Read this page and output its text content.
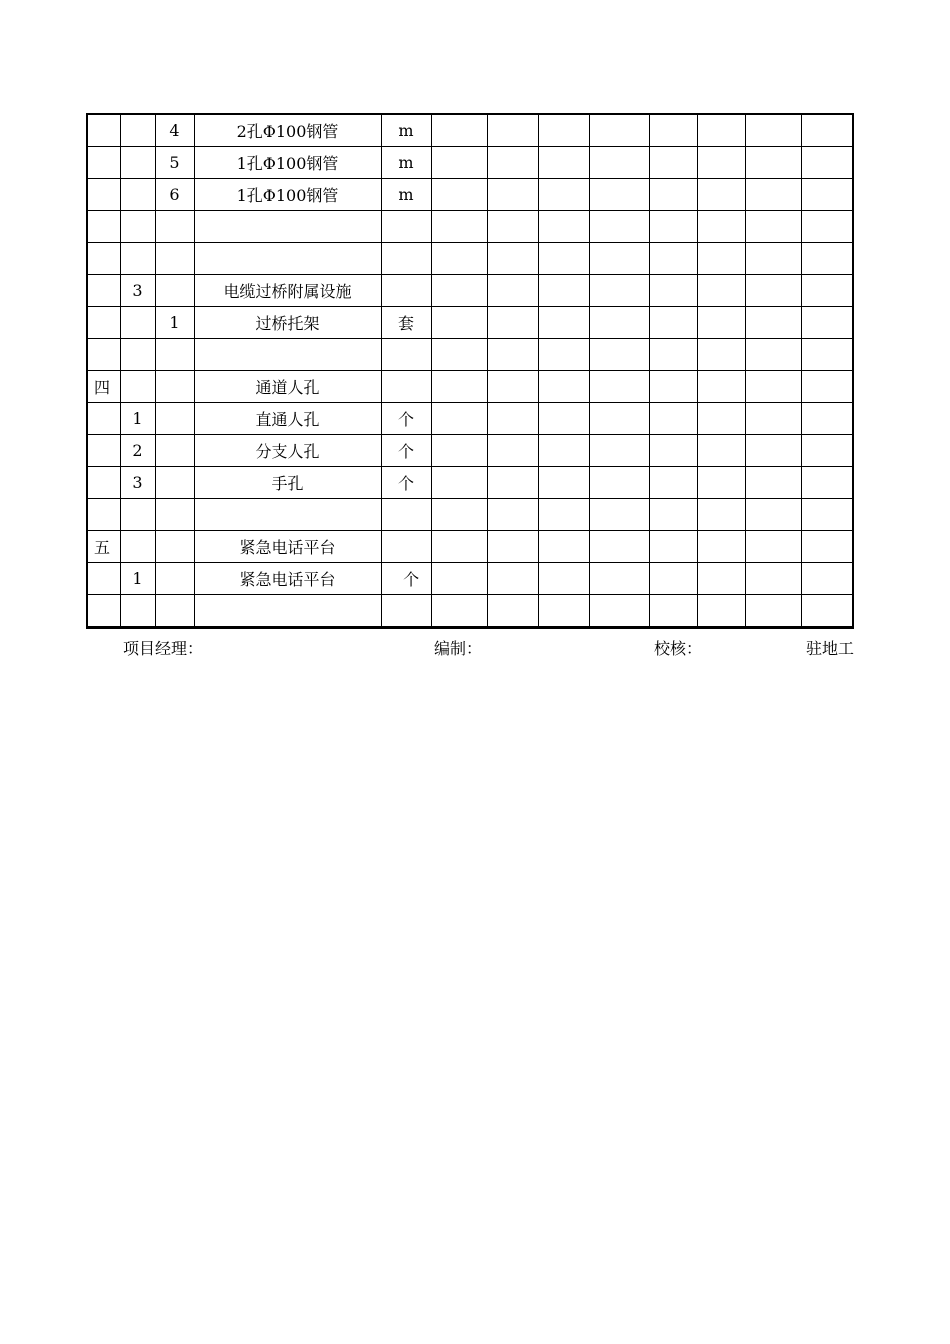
		4	2孔Φ100钢管	m								
		5	1孔Φ100钢管	m								
		6	1孔Φ100钢管	m								

	3		电缆过桥附属设施									
		1	过桥托架	套								

四			通道人孔									
	1		直通人孔	个								
	2		分支人孔	个								
	3		手孔	个								

五			紧急电话平台									
	1		紧急电话平台	个								

项目经理：	编制：	校核：	驻地工
